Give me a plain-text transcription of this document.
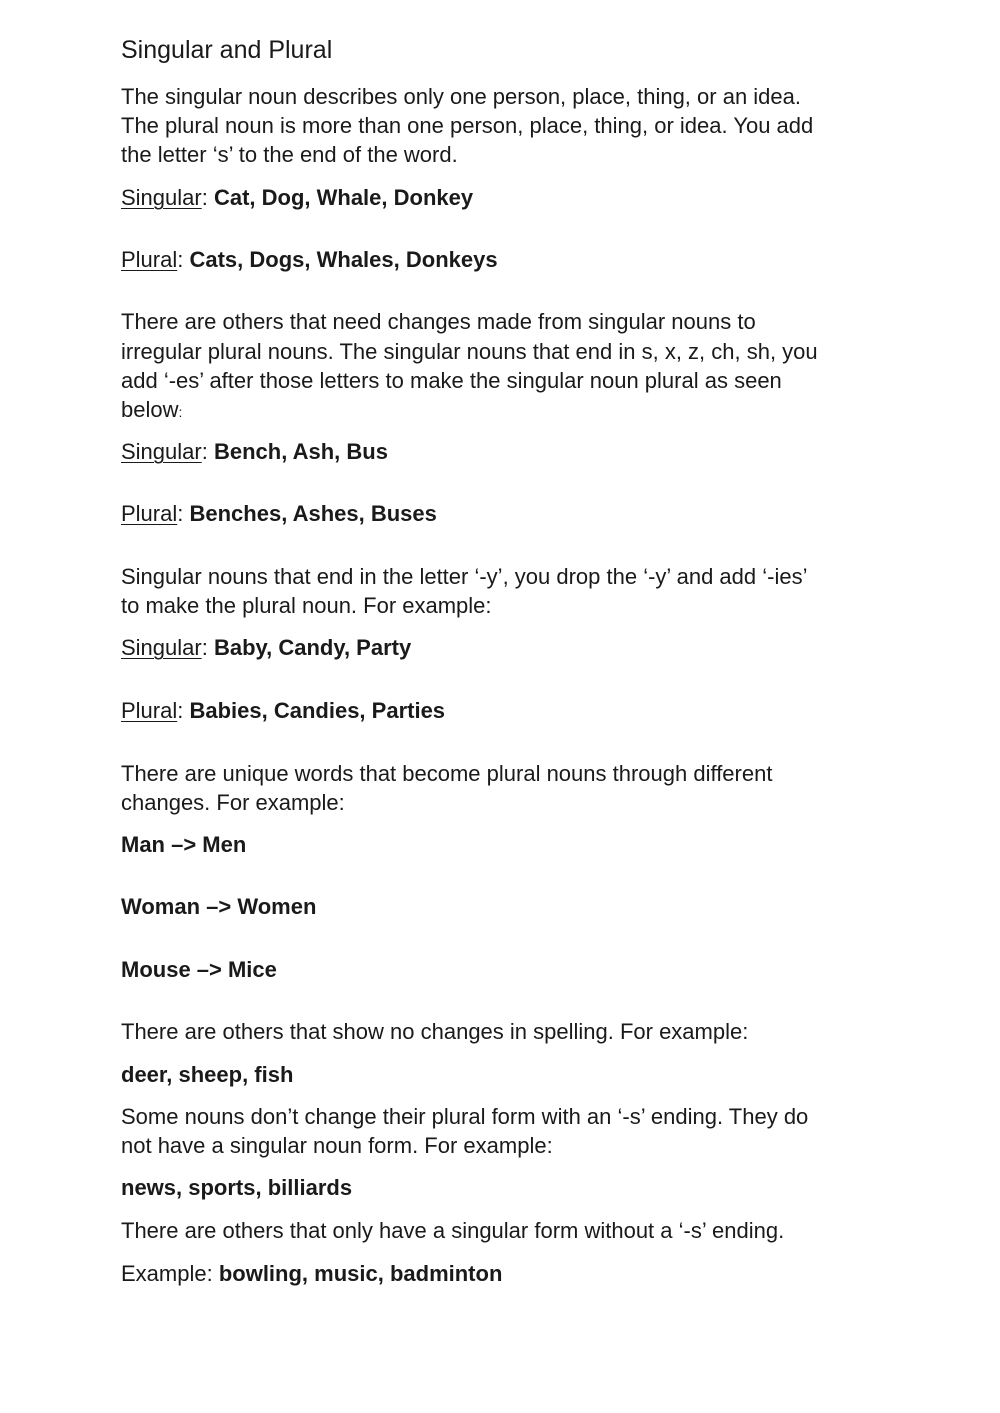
Singular and Plural
The singular noun describes only one person, place, thing, or an idea.
The plural noun is more than one person, place, thing, or idea. You add
the letter ‘s’ to the end of the word.
Singular: Cat, Dog, Whale, Donkey
Plural: Cats, Dogs, Whales, Donkeys
There are others that need changes made from singular nouns to
irregular plural nouns. The singular nouns that end in s, x, z, ch, sh, you
add ‘-es’ after those letters to make the singular noun plural as seen
below:
Singular: Bench, Ash, Bus
Plural: Benches, Ashes, Buses
Singular nouns that end in the letter ‘-y’, you drop the ‘-y’ and add ‘-ies’
to make the plural noun. For example:
Singular: Baby, Candy, Party
Plural: Babies, Candies, Parties
There are unique words that become plural nouns through different
changes. For example:
Man –> Men
Woman –> Women
Mouse –> Mice
There are others that show no changes in spelling. For example:
deer, sheep, fish
Some nouns don’t change their plural form with an ‘-s’ ending. They do
not have a singular noun form. For example:
news, sports, billiards
There are others that only have a singular form without a ‘-s’ ending.
Example: bowling, music, badminton
